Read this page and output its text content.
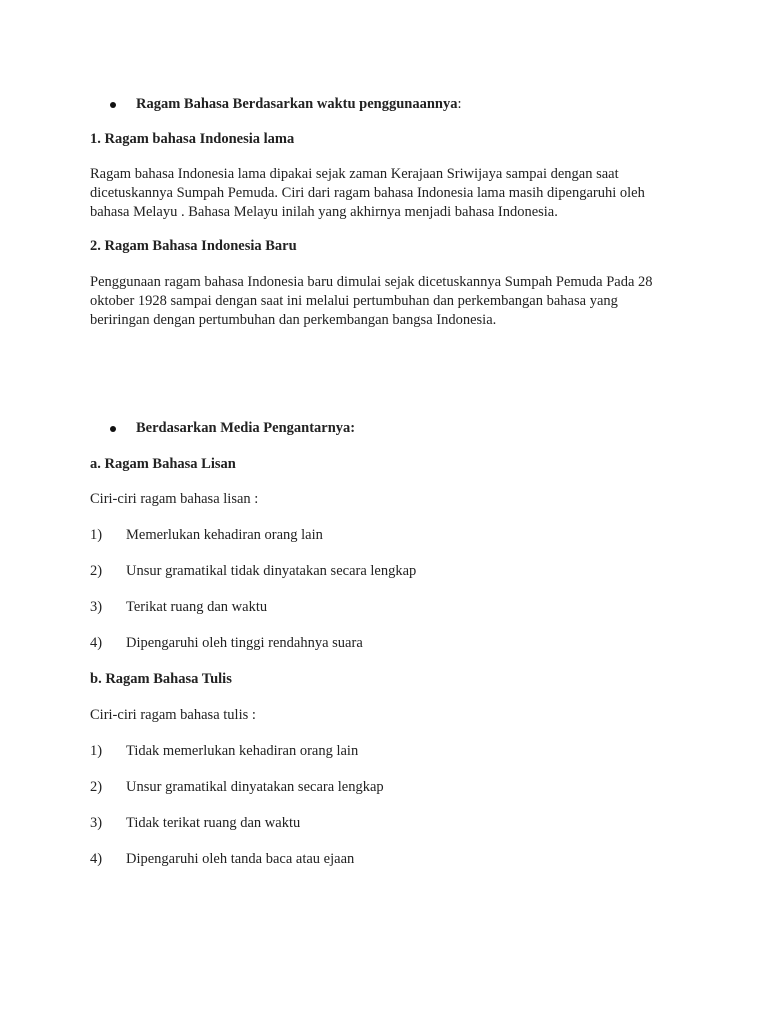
Ragam Bahasa Berdasarkan waktu penggunaannya:
1. Ragam bahasa Indonesia lama
Ragam bahasa Indonesia lama dipakai sejak zaman Kerajaan Sriwijaya sampai dengan saat
dicetuskannya Sumpah Pemuda. Ciri dari ragam bahasa Indonesia lama masih dipengaruhi oleh
bahasa Melayu . Bahasa Melayu inilah yang akhirnya menjadi bahasa Indonesia.
2. Ragam Bahasa Indonesia Baru
Penggunaan ragam bahasa Indonesia baru dimulai sejak dicetuskannya Sumpah Pemuda Pada 28
oktober 1928 sampai dengan saat ini melalui pertumbuhan dan perkembangan bahasa yang
beriringan dengan pertumbuhan dan perkembangan bangsa Indonesia.
Berdasarkan Media Pengantarnya:
a. Ragam Bahasa Lisan
Ciri-ciri ragam bahasa lisan :
1) Memerlukan kehadiran orang lain
2) Unsur gramatikal tidak dinyatakan secara lengkap
3) Terikat ruang dan waktu
4) Dipengaruhi oleh tinggi rendahnya suara
b. Ragam Bahasa Tulis
Ciri-ciri ragam bahasa tulis :
1) Tidak memerlukan kehadiran orang lain
2) Unsur gramatikal dinyatakan secara lengkap
3) Tidak terikat ruang dan waktu
4) Dipengaruhi oleh tanda baca atau ejaan
